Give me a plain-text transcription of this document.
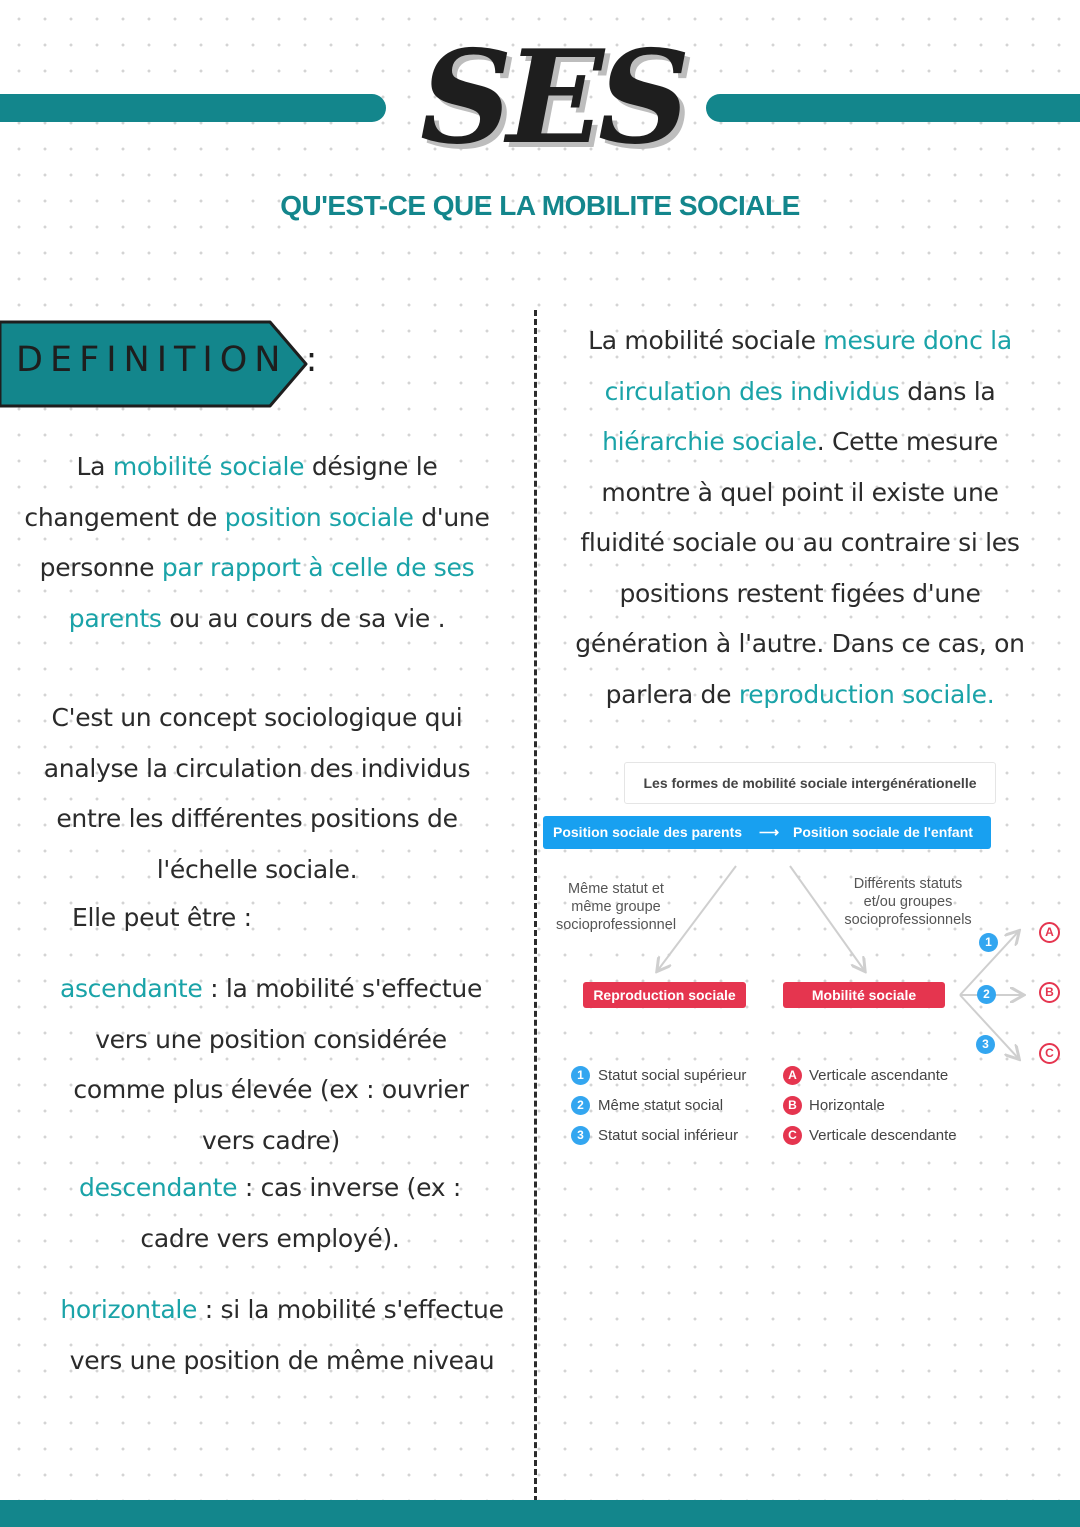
SES
QU'EST-CE QUE LA MOBILITE SOCIALE
DEFINITION :
La mobilité sociale désigne le changement de position sociale d'une personne par rapport à celle de ses parents ou au cours de sa vie .
C'est un concept sociologique qui analyse la circulation des individus entre les différentes positions de l'échelle sociale.
Elle peut être :
ascendante : la mobilité s'effectue vers une position considérée comme plus élevée (ex : ouvrier vers cadre)
descendante : cas inverse (ex : cadre vers employé).
horizontale : si la mobilité s'effectue vers une position de même niveau
La mobilité sociale mesure donc la circulation des individus dans la hiérarchie sociale. Cette mesure montre à quel point il existe une fluidité sociale ou au contraire si les positions restent figées d'une génération à l'autre. Dans ce cas, on parlera de reproduction sociale.
Les formes de mobilité sociale intergénérationelle
Position sociale des parents ⟶ Position sociale de l'enfant
Même statut et
même groupe
socioprofessionnel
Différents statuts
et/ou groupes
socioprofessionnels
Reproduction sociale	Mobilité sociale
1
2
3
A
B
C
1 Statut social supérieur
2 Même statut social
3 Statut social inférieur
A Verticale ascendante
B Horizontale
C Verticale descendante
